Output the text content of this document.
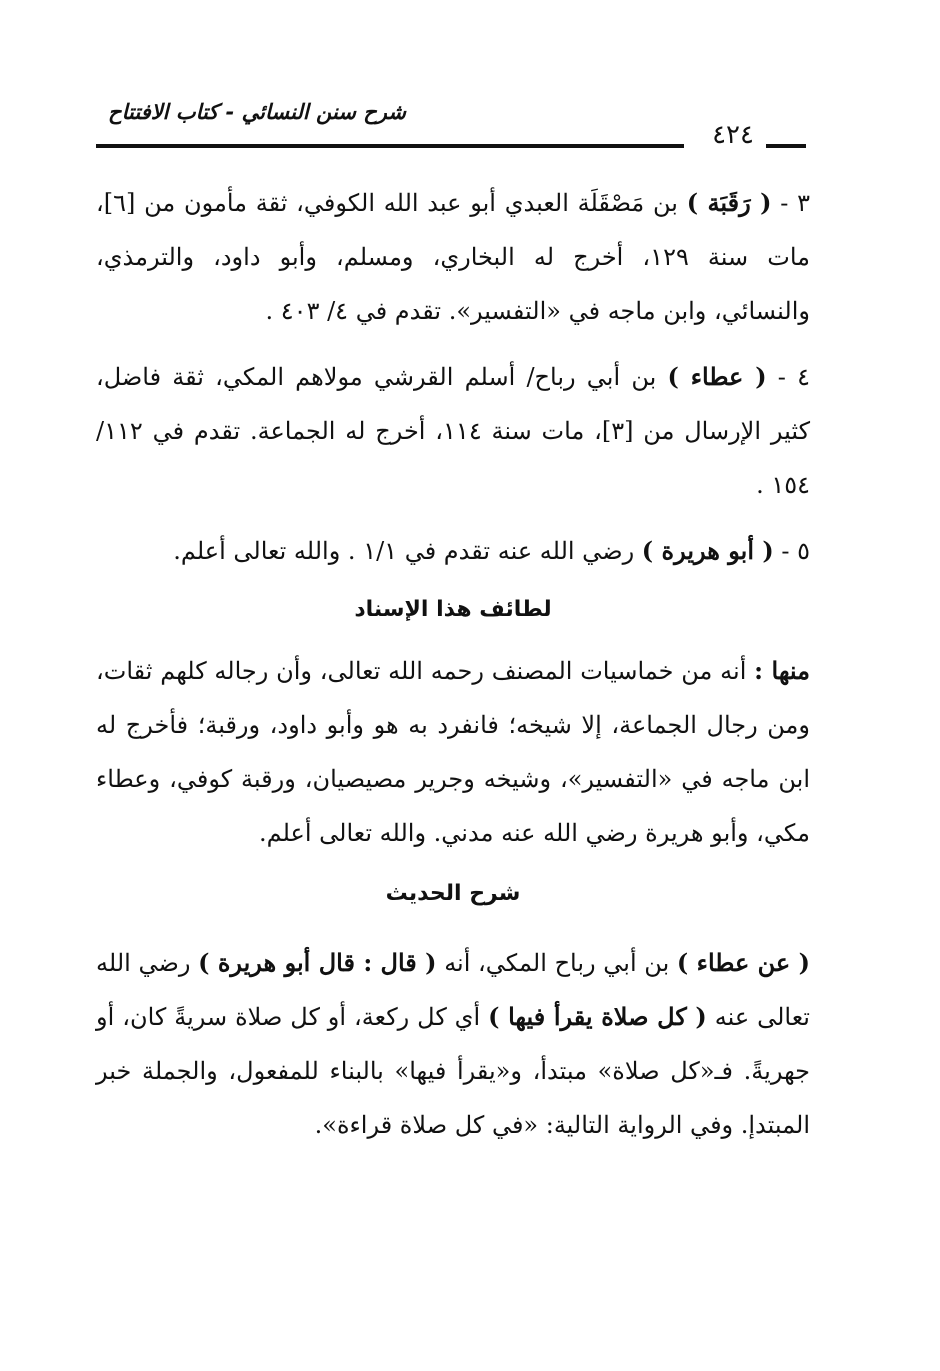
شرح سنن النسائي - كتاب الافتتاح
٤٢٤

٣ - ( رَقَبَة ) بن مَصْقَلَة العبدي أبو عبد الله الكوفي، ثقة مأمون من [٦]، مات سنة ١٢٩، أخرج له البخاري، ومسلم، وأبو داود، والترمذي، والنسائي، وابن ماجه في «التفسير». تقدم في ٤/ ٤٠٣ .

٤ - ( عطاء ) بن أبي رباح/ أسلم القرشي مولاهم المكي، ثقة فاضل، كثير الإرسال من [٣]، مات سنة ١١٤، أخرج له الجماعة. تقدم في ١١٢/ ١٥٤ .

٥ - ( أبو هريرة ) رضي الله عنه تقدم في ١/١ . والله تعالى أعلم.

لطائف هذا الإسناد

منها : أنه من خماسيات المصنف رحمه الله تعالى، وأن رجاله كلهم ثقات، ومن رجال الجماعة، إلا شيخه؛ فانفرد به هو وأبو داود، ورقبة؛ فأخرج له ابن ماجه في «التفسير»، وشيخه وجرير مصيصيان، ورقبة كوفي، وعطاء مكي، وأبو هريرة رضي الله عنه مدني. والله تعالى أعلم.

شرح الحديث

( عن عطاء ) بن أبي رباح المكي، أنه ( قال : قال أبو هريرة ) رضي الله تعالى عنه ( كل صلاة يقرأ فيها ) أي كل ركعة، أو كل صلاة سريةً كان، أو جهريةً. فـ«كل صلاة» مبتدأ، و«يقرأ فيها» بالبناء للمفعول، والجملة خبر المبتدإ. وفي الرواية التالية: «في كل صلاة قراءة».
